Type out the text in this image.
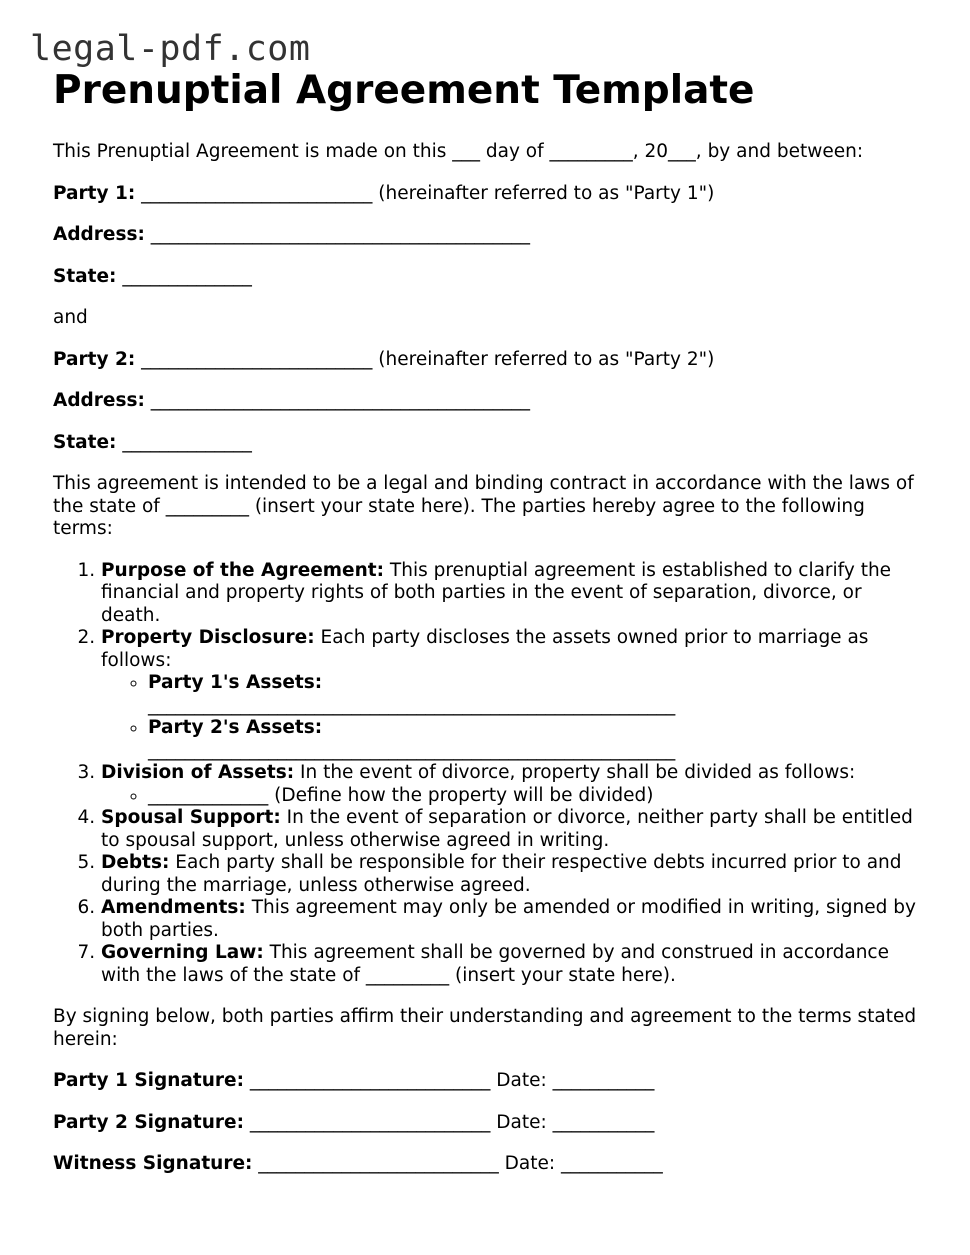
legal-pdf.com
Prenuptial Agreement Template

This Prenuptial Agreement is made on this ___ day of _________, 20___, by and between:

Party 1: _________________________ (hereinafter referred to as "Party 1")
Address: _________________________________________
State: ______________

and

Party 2: _________________________ (hereinafter referred to as "Party 2")
Address: _________________________________________
State: ______________

This agreement is intended to be a legal and binding contract in accordance with the laws of the state of _________ (insert your state here). The parties hereby agree to the following terms:

1. Purpose of the Agreement: This prenuptial agreement is established to clarify the financial and property rights of both parties in the event of separation, divorce, or death.
2. Property Disclosure: Each party discloses the assets owned prior to marriage as follows:
◦ Party 1's Assets:
_________________________________________________________
◦ Party 2's Assets:
_________________________________________________________
3. Division of Assets: In the event of divorce, property shall be divided as follows:
◦ _____________ (Define how the property will be divided)
4. Spousal Support: In the event of separation or divorce, neither party shall be entitled to spousal support, unless otherwise agreed in writing.
5. Debts: Each party shall be responsible for their respective debts incurred prior to and during the marriage, unless otherwise agreed.
6. Amendments: This agreement may only be amended or modified in writing, signed by both parties.
7. Governing Law: This agreement shall be governed by and construed in accordance with the laws of the state of _________ (insert your state here).

By signing below, both parties affirm their understanding and agreement to the terms stated herein:

Party 1 Signature: __________________________ Date: ___________
Party 2 Signature: __________________________ Date: ___________
Witness Signature: __________________________ Date: ___________
